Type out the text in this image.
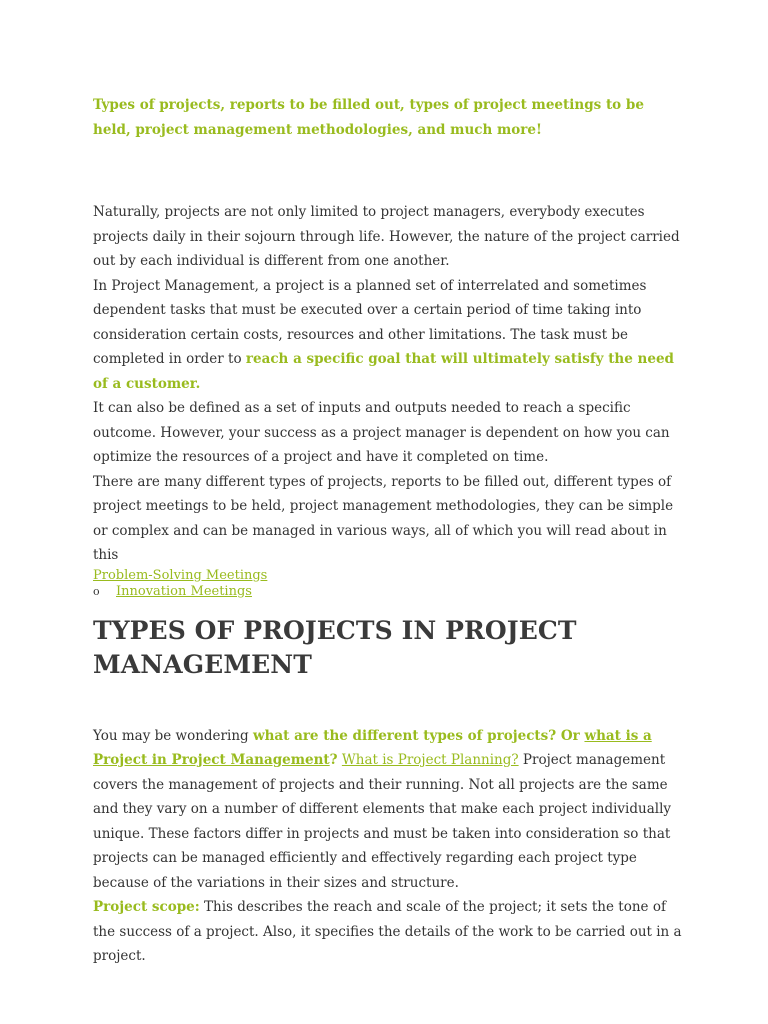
Types of projects, reports to be filled out, types of project meetings to be held, project management methodologies, and much more!

Naturally, projects are not only limited to project managers, everybody executes projects daily in their sojourn through life. However, the nature of the project carried out by each individual is different from one another.

In Project Management, a project is a planned set of interrelated and sometimes dependent tasks that must be executed over a certain period of time taking into consideration certain costs, resources and other limitations. The task must be completed in order to reach a specific goal that will ultimately satisfy the need of a customer.

It can also be defined as a set of inputs and outputs needed to reach a specific outcome. However, your success as a project manager is dependent on how you can optimize the resources of a project and have it completed on time.

There are many different types of projects, reports to be filled out, different types of project meetings to be held, project management methodologies, they can be simple or complex and can be managed in various ways, all of which you will read about in this

Problem-Solving Meetings
o	Innovation Meetings
TYPES OF PROJECTS IN PROJECT MANAGEMENT

You may be wondering what are the different types of projects? Or what is a Project in Project Management? What is Project Planning? Project management covers the management of projects and their running. Not all projects are the same and they vary on a number of different elements that make each project individually unique. These factors differ in projects and must be taken into consideration so that projects can be managed efficiently and effectively regarding each project type because of the variations in their sizes and structure.

Project scope: This describes the reach and scale of the project; it sets the tone of the success of a project. Also, it specifies the details of the work to be carried out in a project.
